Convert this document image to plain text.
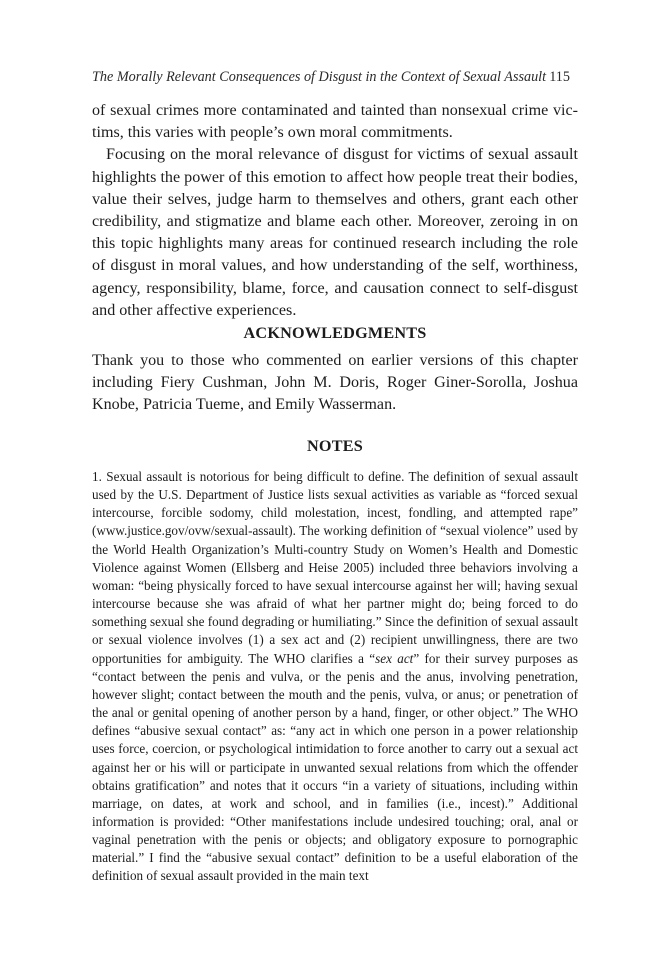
The Morally Relevant Consequences of Disgust in the Context of Sexual Assault 115

of sexual crimes more contaminated and tainted than nonsexual crime victims, this varies with people’s own moral commitments.

Focusing on the moral relevance of disgust for victims of sexual assault highlights the power of this emotion to affect how people treat their bodies, value their selves, judge harm to themselves and others, grant each other credibility, and stigmatize and blame each other. Moreover, zeroing in on this topic highlights many areas for continued research including the role of disgust in moral values, and how understanding of the self, worthiness, agency, responsibility, blame, force, and causation connect to self-disgust and other affective experiences.

ACKNOWLEDGMENTS

Thank you to those who commented on earlier versions of this chapter including Fiery Cushman, John M. Doris, Roger Giner-Sorolla, Joshua Knobe, Patricia Tueme, and Emily Wasserman.

NOTES

1. Sexual assault is notorious for being difficult to define. The definition of sexual assault used by the U.S. Department of Justice lists sexual activities as variable as “forced sexual intercourse, forcible sodomy, child molestation, incest, fondling, and attempted rape” (www.justice.gov/ovw/sexual-assault). The working definition of “sexual violence” used by the World Health Organization’s Multi-country Study on Women’s Health and Domestic Violence against Women (Ellsberg and Heise 2005) included three behaviors involving a woman: “being physically forced to have sexual intercourse against her will; having sexual intercourse because she was afraid of what her partner might do; being forced to do something sexual she found degrading or humiliating.” Since the definition of sexual assault or sexual violence involves (1) a sex act and (2) recipient unwillingness, there are two opportunities for ambiguity. The WHO clarifies a “sex act” for their survey purposes as “contact between the penis and vulva, or the penis and the anus, involving penetration, however slight; contact between the mouth and the penis, vulva, or anus; or penetration of the anal or genital opening of another person by a hand, finger, or other object.” The WHO defines “abusive sexual contact” as: “any act in which one person in a power relationship uses force, coercion, or psychological intimidation to force another to carry out a sexual act against her or his will or participate in unwanted sexual relations from which the offender obtains gratification” and notes that it occurs “in a variety of situations, including within marriage, on dates, at work and school, and in families (i.e., incest).” Additional information is provided: “Other manifestations include undesired touching; oral, anal or vaginal penetration with the penis or objects; and obligatory exposure to pornographic material.” I find the “abusive sexual contact” definition to be a useful elaboration of the definition of sexual assault provided in the main text
